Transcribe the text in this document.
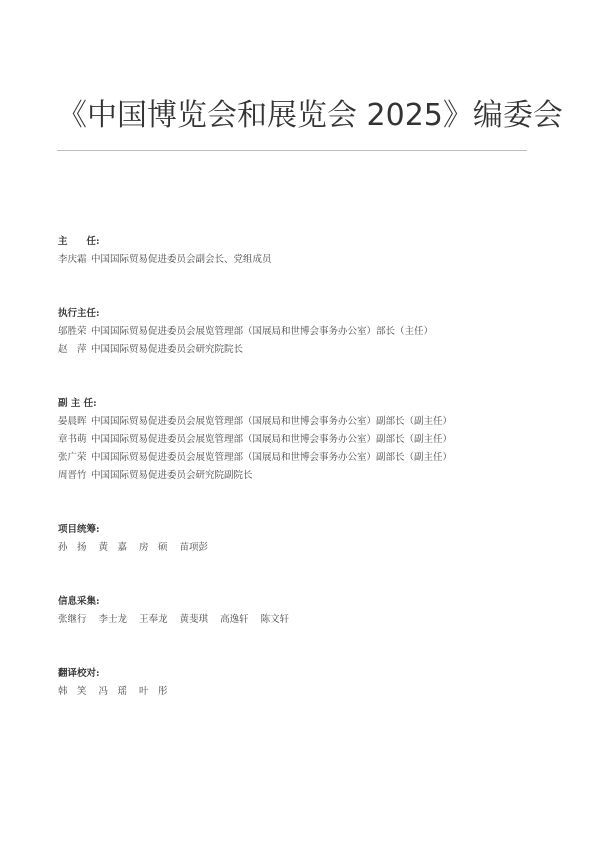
《中国博览会和展览会 2025》编委会
主　　任:
李庆霜 中国国际贸易促进委员会副会长、党组成员
执行主任:
邬胜荣 中国国际贸易促进委员会展览管理部（国展局和世博会事务办公室）部长（主任）
赵　萍 中国国际贸易促进委员会研究院院长
副 主 任:
晏晨晖 中国国际贸易促进委员会展览管理部（国展局和世博会事务办公室）副部长（副主任）
章书萌 中国国际贸易促进委员会展览管理部（国展局和世博会事务办公室）副部长（副主任）
张广荣 中国国际贸易促进委员会展览管理部（国展局和世博会事务办公室）副部长（副主任）
周晋竹 中国国际贸易促进委员会研究院副院长
项目统筹:
孙　扬 黄　嘉 房　硕 苗项彭
信息采集:
张继行 李士龙 王奉龙 黄斐琪 高逸轩 陈文轩
翻译校对:
韩　笑 冯　瑶 叶　彤
